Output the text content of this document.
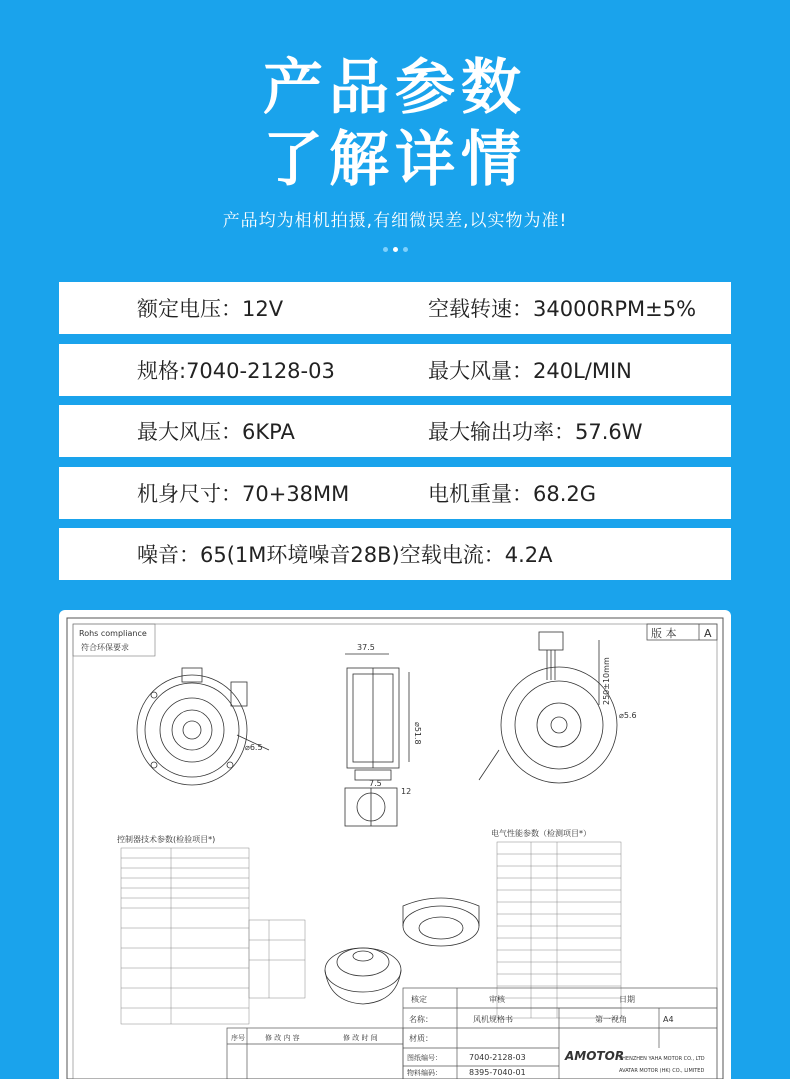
产品参数
了解详情
产品均为相机拍摄,有细微误差,以实物为准!
额定电压：12V	空载转速：34000RPM±5%
规格:7040-2128-03	最大风量：240L/MIN
最大风压：6KPA	最大输出功率：57.6W
机身尺寸：70+38MM	电机重量：68.2G
噪音：65(1M环境噪音28B)空载电流：4.2A
Rohs compliance
符合环保要求
版 本	A
⌀6.5
37.5
⌀51.8
7.5
12
250±10mm
⌀5.6
控制器技术参数(检验项目*)
电气性能参数（检测项目*）
核定	审核	日期
名称：	风机规格书	第一视角	A4
材质：
图纸编号：	7040-2128-03
物料编码：	8395-7040-01
序号	修 改 内 容	修 改 时 间
AMOTOR
SHENZHEN YAHA MOTOR CO., LTD
AVATAR MOTOR (HK) CO., LIMITED
